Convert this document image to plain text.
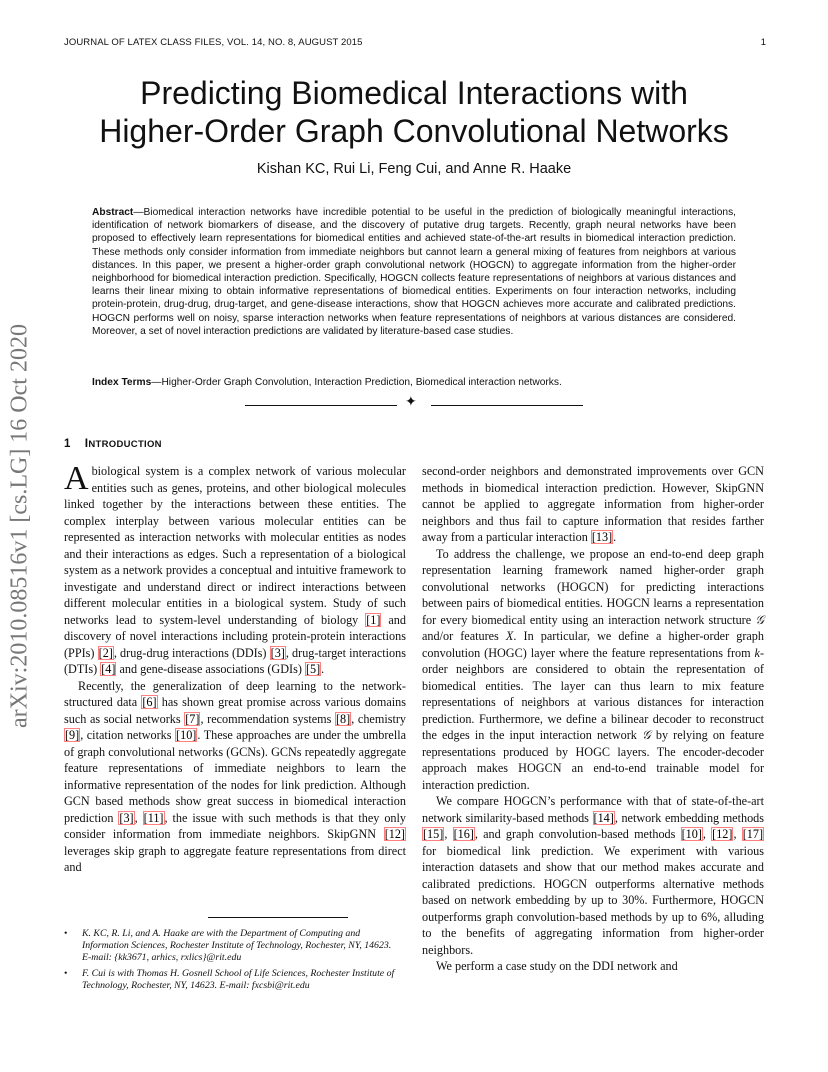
JOURNAL OF LATEX CLASS FILES, VOL. 14, NO. 8, AUGUST 2015	1
Predicting Biomedical Interactions with
Higher-Order Graph Convolutional Networks
Kishan KC, Rui Li, Feng Cui, and Anne R. Haake

Abstract—Biomedical interaction networks have incredible potential to be useful in the prediction of biologically meaningful interactions, identification of network biomarkers of disease, and the discovery of putative drug targets. Recently, graph neural networks have been proposed to effectively learn representations for biomedical entities and achieved state-of-the-art results in biomedical interaction prediction. These methods only consider information from immediate neighbors but cannot learn a general mixing of features from neighbors at various distances. In this paper, we present a higher-order graph convolutional network (HOGCN) to aggregate information from the higher-order neighborhood for biomedical interaction prediction. Specifically, HOGCN collects feature representations of neighbors at various distances and learns their linear mixing to obtain informative representations of biomedical entities. Experiments on four interaction networks, including protein-protein, drug-drug, drug-target, and gene-disease interactions, show that HOGCN achieves more accurate and calibrated predictions. HOGCN performs well on noisy, sparse interaction networks when feature representations of neighbors at various distances are considered. Moreover, a set of novel interaction predictions are validated by literature-based case studies.

Index Terms—Higher-Order Graph Convolution, Interaction Prediction, Biomedical interaction networks.

✦
arXiv:2010.08516v1 [cs.LG] 16 Oct 2020	1 INTRODUCTION

Abiological system is a complex network of various molecular entities such as genes, proteins, and other biological molecules linked together by the interactions between these entities. The complex interplay between various molecular entities can be represented as interaction networks with molecular entities as nodes and their interactions as edges. Such a representation of a biological system as a network provides a conceptual and intuitive framework to investigate and understand direct or indirect interactions between different molecular entities in a biological system. Study of such networks lead to system-level understanding of biology [1] and discovery of novel interactions including protein-protein interactions (PPIs) [2], drug-drug interactions (DDIs) [3], drug-target interactions (DTIs) [4] and gene-disease associations (GDIs) [5].

Recently, the generalization of deep learning to the network-structured data [6] has shown great promise across various domains such as social networks [7], recommendation systems [8], chemistry [9], citation networks [10]. These approaches are under the umbrella of graph convolutional networks (GCNs). GCNs repeatedly aggregate feature representations of immediate neighbors to learn the informative representation of the nodes for link prediction. Although GCN based methods show great success in biomedical interaction prediction [3], [11], the issue with such methods is that they only consider information from immediate neighbors. SkipGNN [12] leverages skip graph to aggregate feature representations from direct and

• K. KC, R. Li, and A. Haake are with the Department of Computing and Information Sciences, Rochester Institute of Technology, Rochester, NY, 14623.
E-mail: {kk3671, arhics, rxlics}@rit.edu
• F. Cui is with Thomas H. Gosnell School of Life Sciences, Rochester Institute of Technology, Rochester, NY, 14623. E-mail: fxcsbi@rit.edu

second-order neighbors and demonstrated improvements over GCN methods in biomedical interaction prediction. However, SkipGNN cannot be applied to aggregate information from higher-order neighbors and thus fail to capture information that resides farther away from a particular interaction [13].

To address the challenge, we propose an end-to-end deep graph representation learning framework named higher-order graph convolutional networks (HOGCN) for predicting interactions between pairs of biomedical entities. HOGCN learns a representation for every biomedical entity using an interaction network structure 𝒢 and/or features X. In particular, we define a higher-order graph convolution (HOGC) layer where the feature representations from k-order neighbors are considered to obtain the representation of biomedical entities. The layer can thus learn to mix feature representations of neighbors at various distances for interaction prediction. Furthermore, we define a bilinear decoder to reconstruct the edges in the input interaction network 𝒢 by relying on feature representations produced by HOGC layers. The encoder-decoder approach makes HOGCN an end-to-end trainable model for interaction prediction.

We compare HOGCN’s performance with that of state-of-the-art network similarity-based methods [14], network embedding methods [15], [16], and graph convolution-based methods [10], [12], [17] for biomedical link prediction. We experiment with various interaction datasets and show that our method makes accurate and calibrated predictions. HOGCN outperforms alternative methods based on network embedding by up to 30%. Furthermore, HOGCN outperforms graph convolution-based methods by up to 6%, alluding to the benefits of aggregating information from higher-order neighbors.

We perform a case study on the DDI network and
